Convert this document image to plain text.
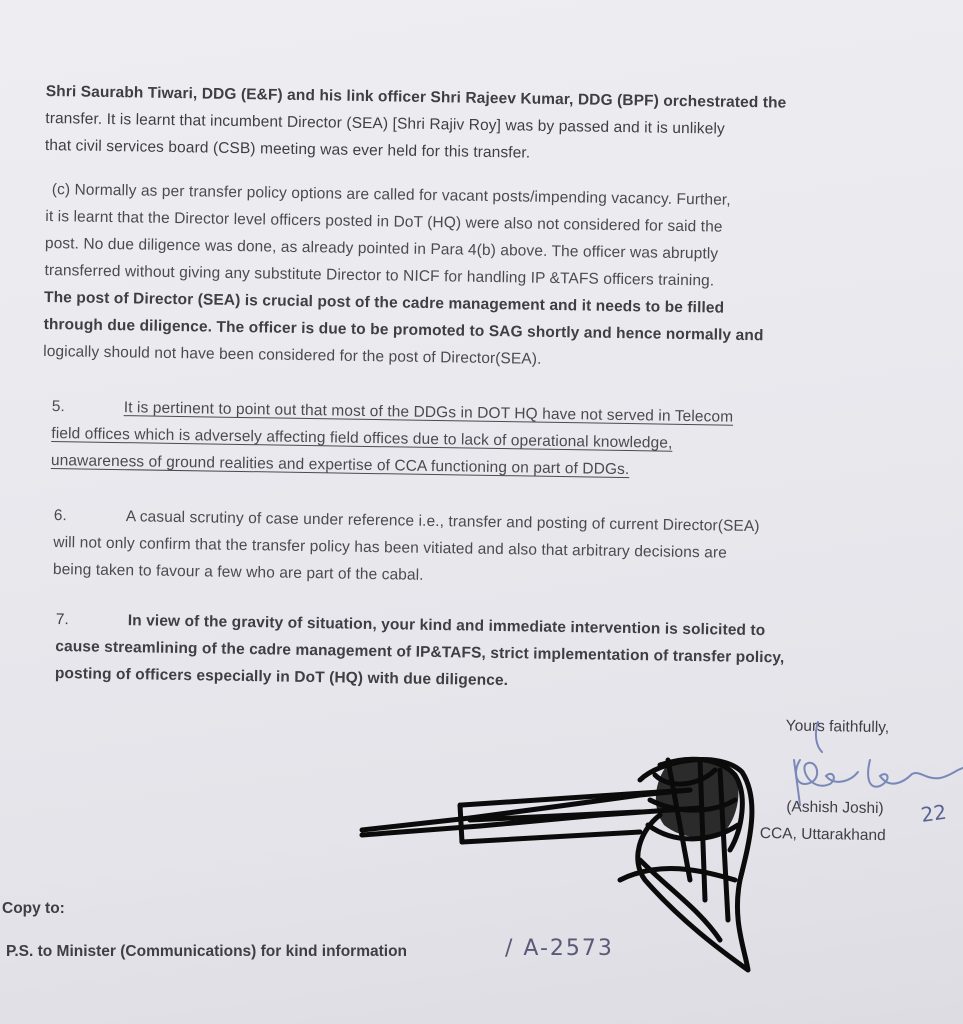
Shri Saurabh Tiwari, DDG (E&F) and his link officer Shri Rajeev Kumar, DDG (BPF) orchestrated the
transfer. It is learnt that incumbent Director (SEA) [Shri Rajiv Roy] was by passed and it is unlikely
that civil services board (CSB) meeting was ever held for this transfer.
(c) Normally as per transfer policy options are called for vacant posts/impending vacancy. Further,
it is learnt that the Director level officers posted in DoT (HQ) were also not considered for said the
post. No due diligence was done, as already pointed in Para 4(b) above. The officer was abruptly
transferred without giving any substitute Director to NICF for handling IP &TAFS officers training.
The post of Director (SEA) is crucial post of the cadre management and it needs to be filled
through due diligence. The officer is due to be promoted to SAG shortly and hence normally and
logically should not have been considered for the post of Director(SEA).
5.	It is pertinent to point out that most of the DDGs in DOT HQ have not served in Telecom
field offices which is adversely affecting field offices due to lack of operational knowledge,
unawareness of ground realities and expertise of CCA functioning on part of DDGs.
6.	A casual scrutiny of case under reference i.e., transfer and posting of current Director(SEA)
will not only confirm that the transfer policy has been vitiated and also that arbitrary decisions are
being taken to favour a few who are part of the cabal.
7.	In view of the gravity of situation, your kind and immediate intervention is solicited to
cause streamlining of the cadre management of IP&TAFS, strict implementation of transfer policy,
posting of officers especially in DoT (HQ) with due diligence.
Yours faithfully,
(Ashish Joshi)
CCA, Uttarakhand
Copy to:
P.S. to Minister (Communications) for kind information	/ A-2573
22
